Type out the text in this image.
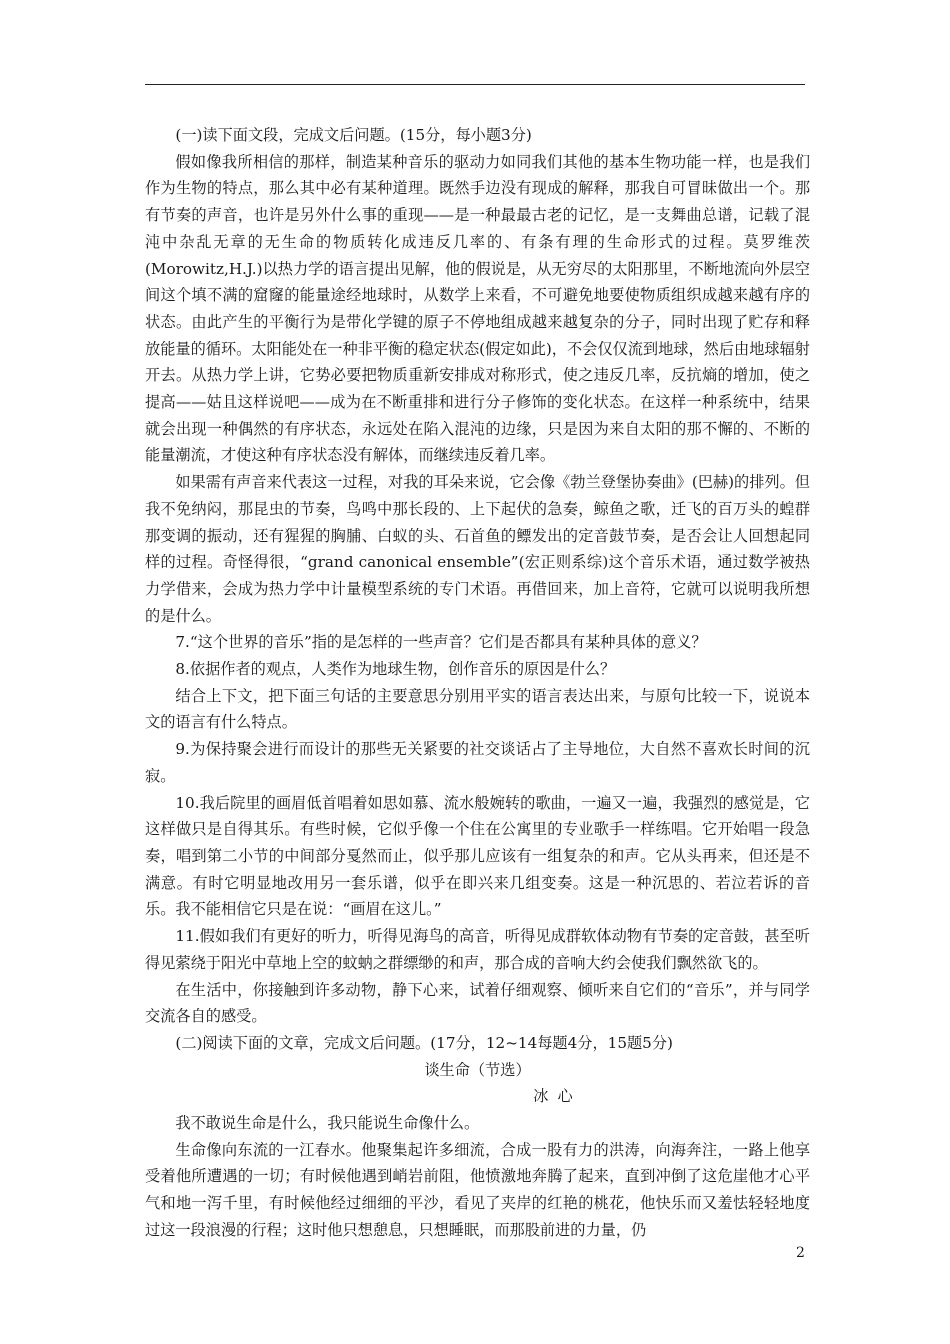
(一)读下面文段，完成文后问题。(15分，每小题3分)

假如像我所相信的那样，制造某种音乐的驱动力如同我们其他的基本生物功能一样，也是我们作为生物的特点，那么其中必有某种道理。既然手边没有现成的解释，那我自可冒昧做出一个。那有节奏的声音，也许是另外什么事的重现——是一种最最古老的记忆，是一支舞曲总谱，记载了混沌中杂乱无章的无生命的物质转化成违反几率的、有条有理的生命形式的过程。莫罗维茨(Morowitz,H.J.)以热力学的语言提出见解，他的假说是，从无穷尽的太阳那里，不断地流向外层空间这个填不满的窟窿的能量途经地球时，从数学上来看，不可避免地要使物质组织成越来越有序的状态。由此产生的平衡行为是带化学键的原子不停地组成越来越复杂的分子，同时出现了贮存和释放能量的循环。太阳能处在一种非平衡的稳定状态(假定如此)，不会仅仅流到地球，然后由地球辐射开去。从热力学上讲，它势必要把物质重新安排成对称形式，使之违反几率，反抗熵的增加，使之提高——姑且这样说吧——成为在不断重排和进行分子修饰的变化状态。在这样一种系统中，结果就会出现一种偶然的有序状态，永远处在陷入混沌的边缘，只是因为来自太阳的那不懈的、不断的能量潮流，才使这种有序状态没有解体，而继续违反着几率。

如果需有声音来代表这一过程，对我的耳朵来说，它会像《勃兰登堡协奏曲》(巴赫)的排列。但我不免纳闷，那昆虫的节奏，鸟鸣中那长段的、上下起伏的急奏，鲸鱼之歌，迁飞的百万头的蝗群那变调的振动，还有猩猩的胸脯、白蚁的头、石首鱼的鳔发出的定音鼓节奏，是否会让人回想起同样的过程。奇怪得很，“grand canonical ensemble”(宏正则系综)这个音乐术语，通过数学被热力学借来，会成为热力学中计量模型系统的专门术语。再借回来，加上音符，它就可以说明我所想的是什么。

7.“这个世界的音乐”指的是怎样的一些声音？它们是否都具有某种具体的意义？

8.依据作者的观点，人类作为地球生物，创作音乐的原因是什么？

结合上下文，把下面三句话的主要意思分别用平实的语言表达出来，与原句比较一下，说说本文的语言有什么特点。

9.为保持聚会进行而设计的那些无关紧要的社交谈话占了主导地位，大自然不喜欢长时间的沉寂。

10.我后院里的画眉低首唱着如思如慕、流水般婉转的歌曲，一遍又一遍，我强烈的感觉是，它这样做只是自得其乐。有些时候，它似乎像一个住在公寓里的专业歌手一样练唱。它开始唱一段急奏，唱到第二小节的中间部分戛然而止，似乎那儿应该有一组复杂的和声。它从头再来，但还是不满意。有时它明显地改用另一套乐谱，似乎在即兴来几组变奏。这是一种沉思的、若泣若诉的音乐。我不能相信它只是在说：“画眉在这儿。”

11.假如我们有更好的听力，听得见海鸟的高音，听得见成群软体动物有节奏的定音鼓，甚至听得见萦绕于阳光中草地上空的蚊蚋之群缥缈的和声，那合成的音响大约会使我们飘然欲飞的。

在生活中，你接触到许多动物，静下心来，试着仔细观察、倾听来自它们的“音乐”，并与同学交流各自的感受。

(二)阅读下面的文章，完成文后问题。(17分，12~14每题4分，15题5分)

谈生命（节选）

冰心

我不敢说生命是什么，我只能说生命像什么。

生命像向东流的一江春水。他聚集起许多细流，合成一股有力的洪涛，向海奔注，一路上他享受着他所遭遇的一切；有时候他遇到峭岩前阻，他愤激地奔腾了起来，直到冲倒了这危崖他才心平气和地一泻千里，有时候他经过细细的平沙，看见了夹岸的红艳的桃花，他快乐而又羞怯轻轻地度过这一段浪漫的行程；这时他只想憩息，只想睡眠，而那股前进的力量，仍

2
